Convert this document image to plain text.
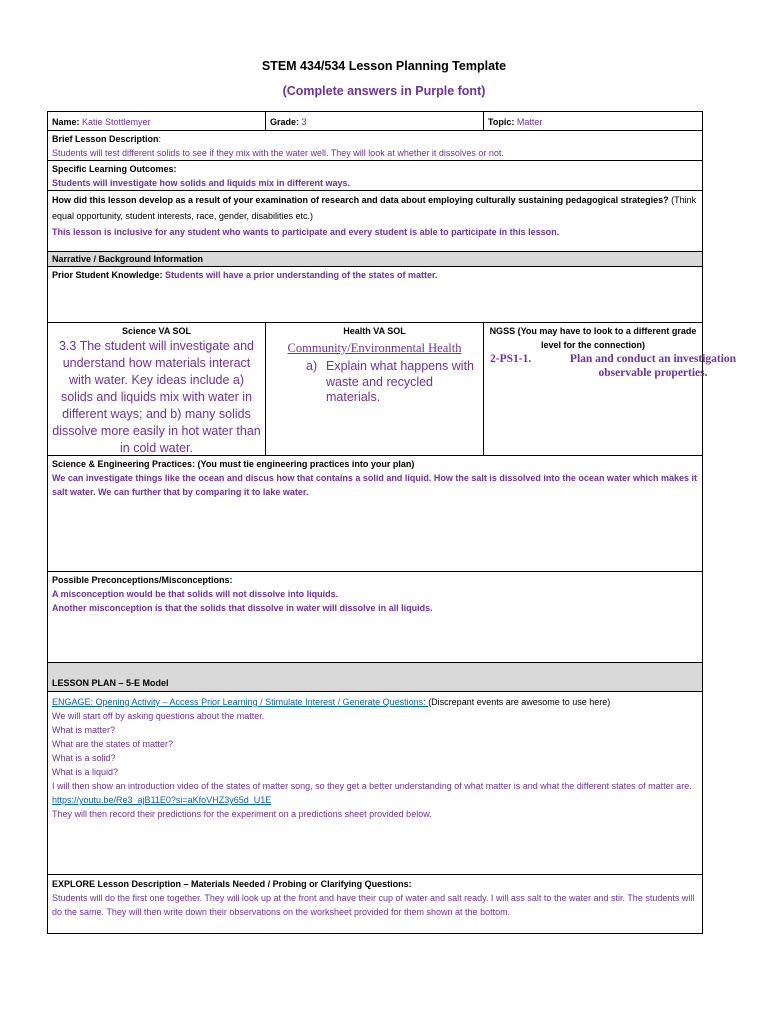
STEM 434/534 Lesson Planning Template
(Complete answers in Purple font)
Name: Katie Stottlemyer	Grade: 3	Topic: Matter

Brief Lesson Description:

Students will test different solids to see if they mix with the water well. They will look at whether it dissolves or not.

Specific Learning Outcomes:

Students will investigate how solids and liquids mix in different ways.

How did this lesson develop as a result of your examination of research and data about employing culturally sustaining pedagogical strategies? (Think equal opportunity, student interests, race, gender, disabilities etc.)

This lesson is inclusive for any student who wants to participate and every student is able to participate in this lesson.

Narrative / Background Information
Prior Student Knowledge: Students will have a prior understanding of the states of matter.

Science VA SOL

3.3 The student will investigate and understand how materials interact with water. Key ideas include a) solids and liquids mix with water in different ways; and b) many solids dissolve more easily in hot water than in cold water.

Health VA SOL

Community/Environmental Health

a) Explain what happens with waste and recycled materials.

NGSS (You may have to look to a different grade level for the connection)

2-PS1-1.	Plan and conduct an investigation observable properties.

Science & Engineering Practices: (You must tie engineering practices into your plan)

We can investigate things like the ocean and discus how that contains a solid and liquid. How the salt is dissolved into the ocean water which makes it salt water. We can further that by comparing it to lake water.

Possible Preconceptions/Misconceptions:

A misconception would be that solids will not dissolve into liquids.

Another misconception is that the solids that dissolve in water will dissolve in all liquids.

LESSON PLAN – 5-E Model

ENGAGE: Opening Activity – Access Prior Learning / Stimulate Interest / Generate Questions: (Discrepant events are awesome to use here)

We will start off by asking questions about the matter.

What is matter?

What are the states of matter?

What is a solid?

What is a liquid?

I will then show an introduction video of the states of matter song, so they get a better understanding of what matter is and what the different states of matter are.

https://youtu.be/Re3_ajB11E0?si=aKfoVHZ3y65d_U1E

They will then record their predictions for the experiment on a predictions sheet provided below.

EXPLORE Lesson Description – Materials Needed / Probing or Clarifying Questions:

Students will do the first one together. They will look up at the front and have their cup of water and salt ready. I will ass salt to the water and stir. The students will do the same. They will then write down their observations on the worksheet provided for them shown at the bottom.
